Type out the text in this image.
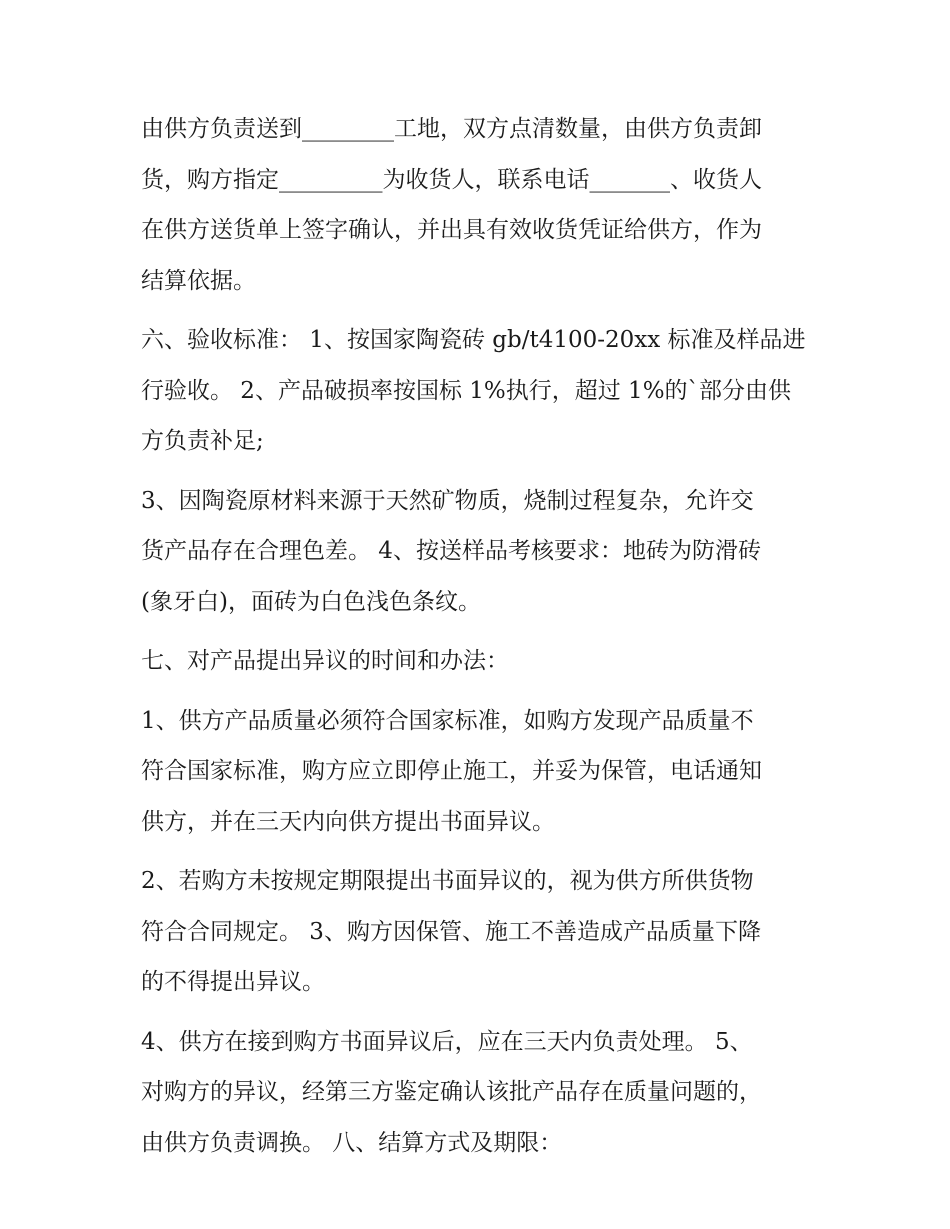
由供方负责送到________工地，双方点清数量，由供方负责卸
货，购方指定_________为收货人，联系电话_______、收货人
在供方送货单上签字确认，并出具有效收货凭证给供方，作为
结算依据。
六、验收标准： 1、按国家陶瓷砖 gb/t4100-20xx 标准及样品进
行验收。 2、产品破损率按国标 1%执行，超过 1%的`部分由供
方负责补足;
3、因陶瓷原材料来源于天然矿物质，烧制过程复杂，允许交
货产品存在合理色差。 4、按送样品考核要求：地砖为防滑砖
(象牙白)，面砖为白色浅色条纹。
七、对产品提出异议的时间和办法：
1、供方产品质量必须符合国家标准，如购方发现产品质量不
符合国家标准，购方应立即停止施工，并妥为保管，电话通知
供方，并在三天内向供方提出书面异议。
2、若购方未按规定期限提出书面异议的，视为供方所供货物
符合合同规定。 3、购方因保管、施工不善造成产品质量下降
的不得提出异议。
4、供方在接到购方书面异议后，应在三天内负责处理。 5、
对购方的异议，经第三方鉴定确认该批产品存在质量问题的，
由供方负责调换。 八、结算方式及期限：
